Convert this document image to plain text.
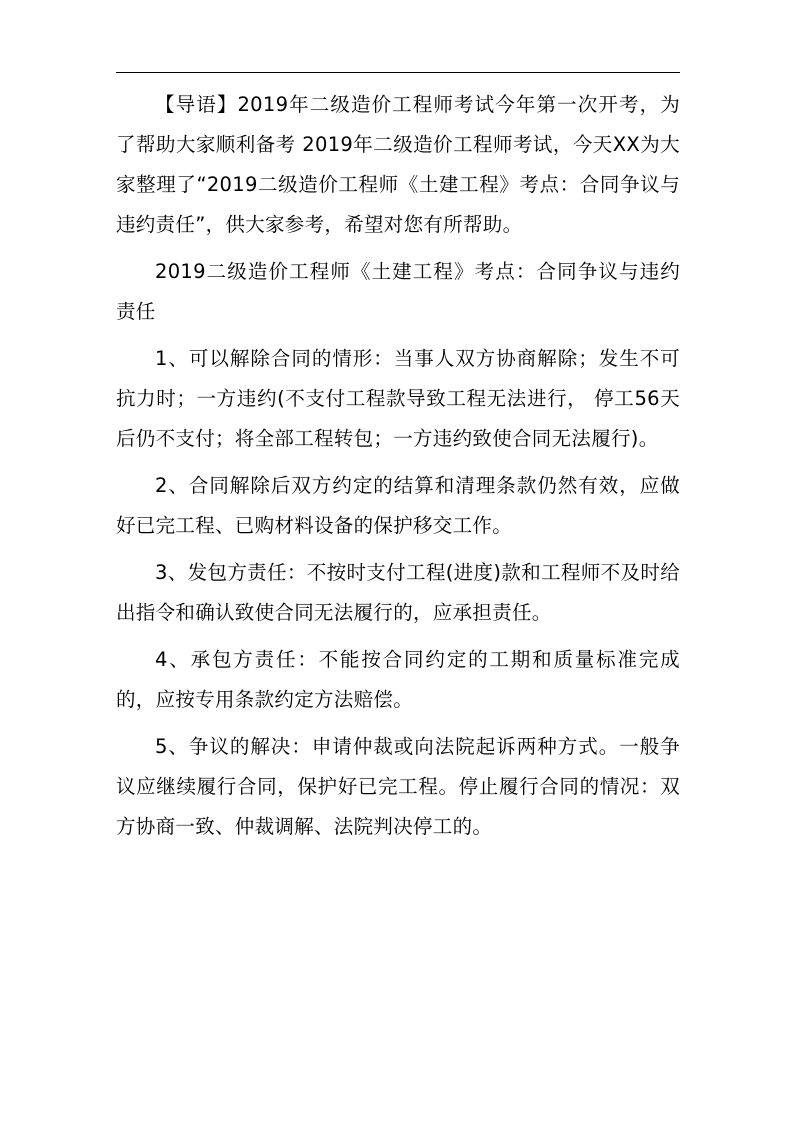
【导语】2019年二级造价工程师考试今年第一次开考，为了帮助大家顺利备考 2019年二级造价工程师考试，今天XX为大家整理了“2019二级造价工程师《土建工程》考点：合同争议与违约责任”，供大家参考，希望对您有所帮助。

2019二级造价工程师《土建工程》考点：合同争议与违约责任

1、可以解除合同的情形：当事人双方协商解除；发生不可抗力时；一方违约(不支付工程款导致工程无法进行， 停工56天后仍不支付；将全部工程转包；一方违约致使合同无法履行)。

2、合同解除后双方约定的结算和清理条款仍然有效，应做好已完工程、已购材料设备的保护移交工作。

3、发包方责任：不按时支付工程(进度)款和工程师不及时给出指令和确认致使合同无法履行的，应承担责任。

4、承包方责任：不能按合同约定的工期和质量标准完成的，应按专用条款约定方法赔偿。

5、争议的解决：申请仲裁或向法院起诉两种方式。一般争议应继续履行合同，保护好已完工程。停止履行合同的情况：双方协商一致、仲裁调解、法院判决停工的。
